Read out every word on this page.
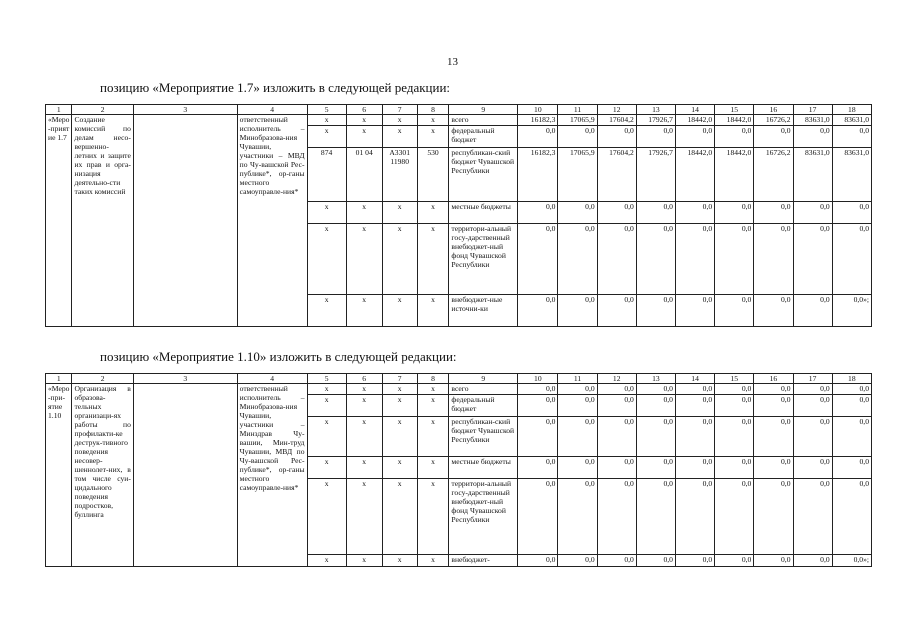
13
позицию «Мероприятие 1.7» изложить в следующей редакции:
1	2	3	4	5	6	7	8	9	10	11	12	13	14	15	16	17	18
«Меро-приятие 1.7	Создание комиссий по делам несо-вершенно-летних и защите их прав и орга-низация деятельно-сти таких комиссий		ответственный исполнитель – Минобразова-ния Чувашии, участники – МВД по Чу-вашской Рес-публике*, ор-ганы местного самоуправле-ния*	x	x	x	x	всего	16182,3	17065,9	17604,2	17926,7	18442,0	18442,0	16726,2	83631,0	83631,0
				x	x	x	x	федеральный бюджет	0,0	0,0	0,0	0,0	0,0	0,0	0,0	0,0	0,0
				874	01 04	А3301 11980	530	республикан-ский бюджет Чувашской Республики	16182,3	17065,9	17604,2	17926,7	18442,0	18442,0	16726,2	83631,0	83631,0
				x	x	x	x	местные бюджеты	0,0	0,0	0,0	0,0	0,0	0,0	0,0	0,0	0,0
				x	x	x	x	территори-альный госу-дарственный внебюджет-ный фонд Чувашской Республики	0,0	0,0	0,0	0,0	0,0	0,0	0,0	0,0	0,0
				x	x	x	x	внебюджет-ные источни-ки	0,0	0,0	0,0	0,0	0,0	0,0	0,0	0,0	0,0»;
позицию «Мероприятие 1.10» изложить в следующей редакции:
1	2	3	4	5	6	7	8	9	10	11	12	13	14	15	16	17	18
«Меро-при-ятие 1.10	Организация в образова-тельных организаци-ях работы по профилакти-ке деструк-тивного поведения несовер-шеннолет-них, в том числе суи-цидального поведения подростков, буллинга		ответственный исполнитель – Минобразова-ния Чувашии, участники – Минздрав Чу-вашии, Мин-труд Чувашии, МВД по Чу-вашской Рес-публике*, ор-ганы местного самоуправле-ния*	x	x	x	x	всего	0,0	0,0	0,0	0,0	0,0	0,0	0,0	0,0	0,0
				x	x	x	x	федеральный бюджет	0,0	0,0	0,0	0,0	0,0	0,0	0,0	0,0	0,0
				x	x	x	x	республикан-ский бюджет Чувашской Республики	0,0	0,0	0,0	0,0	0,0	0,0	0,0	0,0	0,0
				x	x	x	x	местные бюджеты	0,0	0,0	0,0	0,0	0,0	0,0	0,0	0,0	0,0
				x	x	x	x	территори-альный госу-дарственный внебюджет-ный фонд Чувашской Республики	0,0	0,0	0,0	0,0	0,0	0,0	0,0	0,0	0,0
				x	x	x	x	внебюджет-	0,0	0,0	0,0	0,0	0,0	0,0	0,0	0,0	0,0»;
